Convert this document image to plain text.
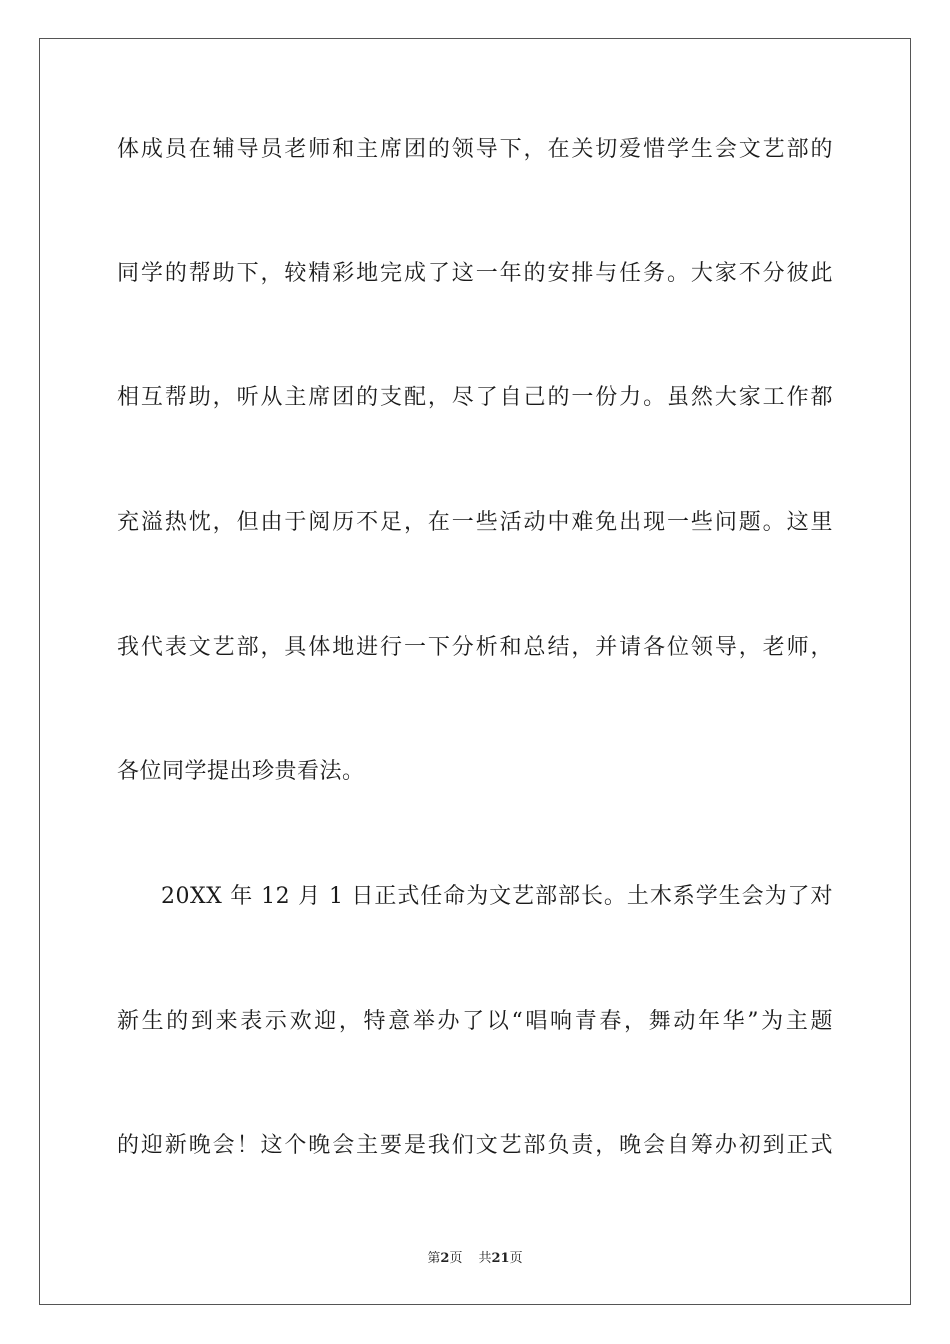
体成员在辅导员老师和主席团的领导下，在关切爱惜学生会文艺部的
同学的帮助下，较精彩地完成了这一年的安排与任务。大家不分彼此
相互帮助，听从主席团的支配，尽了自己的一份力。虽然大家工作都
充溢热忱，但由于阅历不足，在一些活动中难免出现一些问题。这里
我代表文艺部，具体地进行一下分析和总结，并请各位领导，老师，
各位同学提出珍贵看法。
20XX 年 12 月 1 日正式任命为文艺部部长。土木系学生会为了对
新生的到来表示欢迎，特意举办了以“唱响青春，舞动年华”为主题
的迎新晚会！这个晚会主要是我们文艺部负责，晚会自筹办初到正式
第2页 共21页
